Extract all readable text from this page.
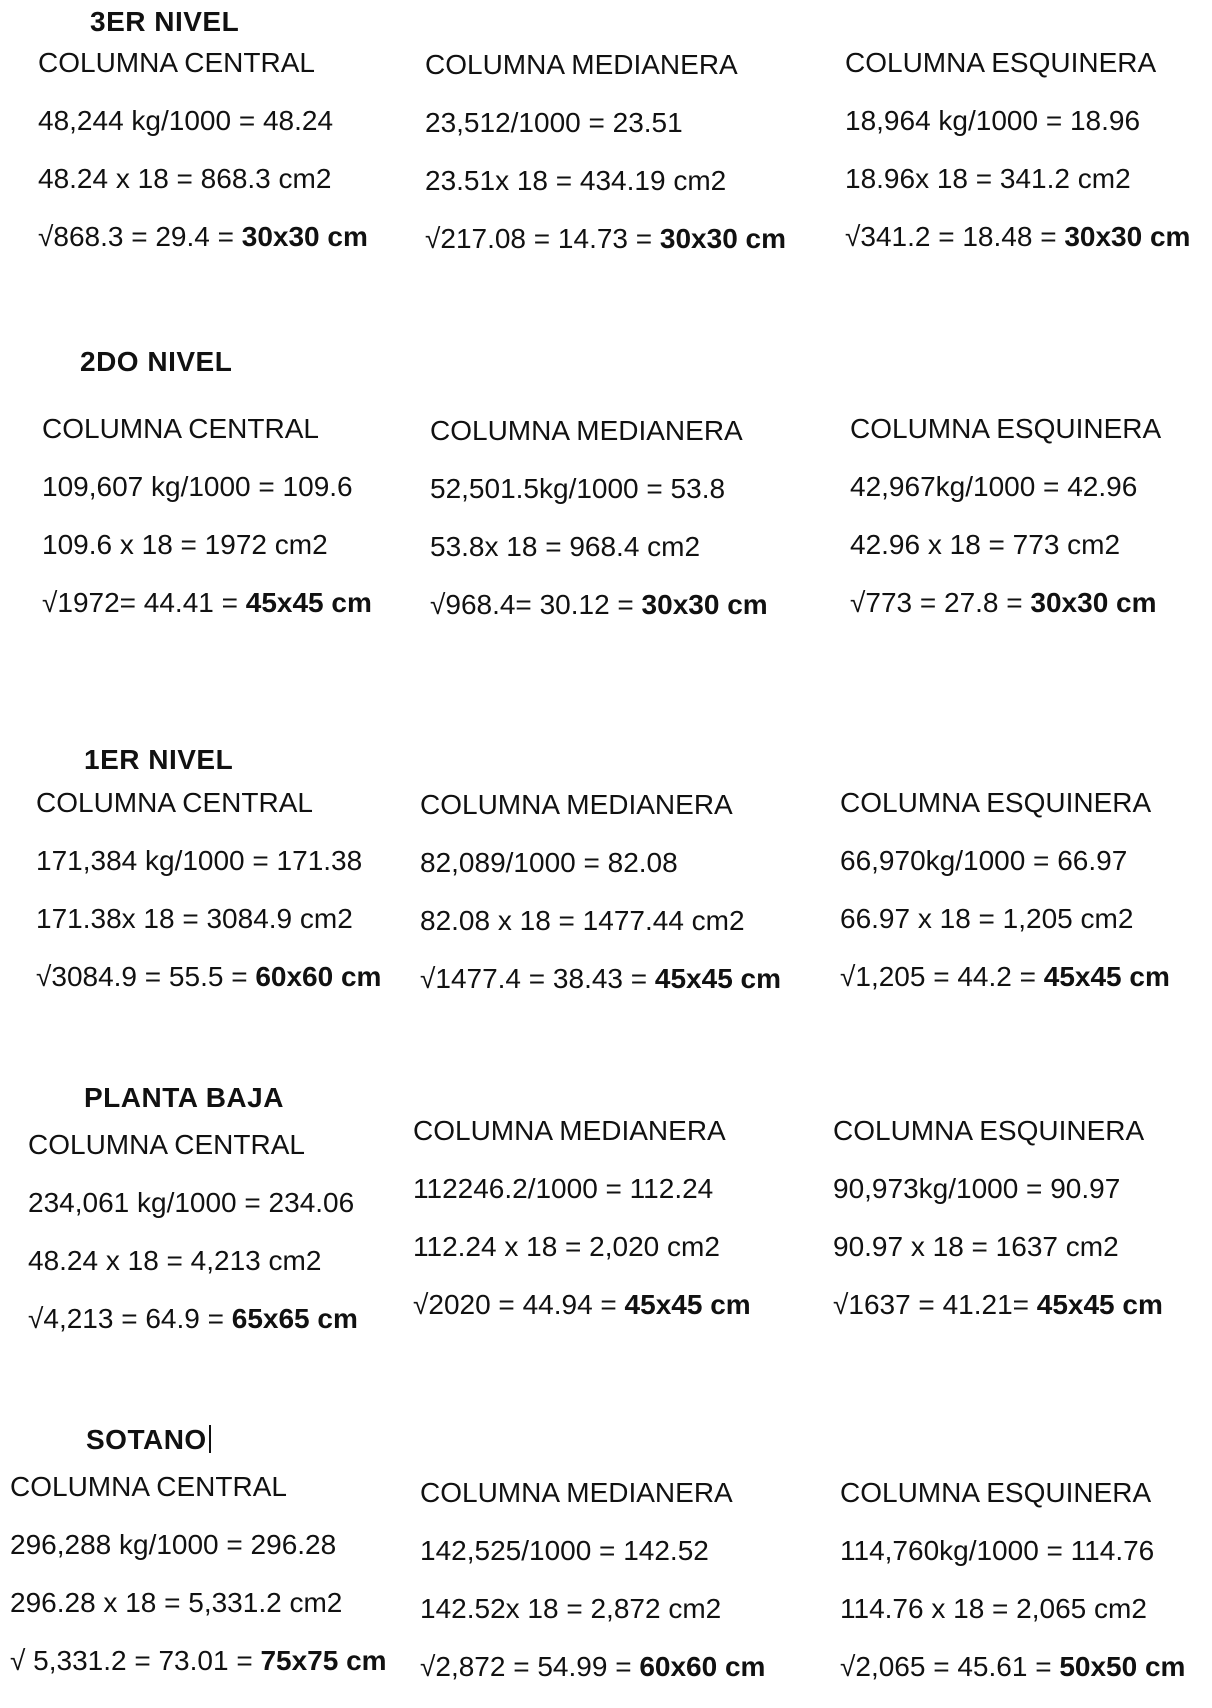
3ER NIVEL
COLUMNA CENTRAL
48,244 kg/1000 = 48.24
48.24 x 18 = 868.3 cm2
√868.3 = 29.4 = 30x30 cm
COLUMNA MEDIANERA
23,512/1000 = 23.51
23.51x 18 = 434.19 cm2
√217.08 = 14.73 = 30x30 cm
COLUMNA ESQUINERA
18,964 kg/1000 = 18.96
18.96x 18 = 341.2 cm2
√341.2 = 18.48 = 30x30 cm
2DO NIVEL
COLUMNA CENTRAL
109,607 kg/1000 = 109.6
109.6 x 18 = 1972 cm2
√1972= 44.41 = 45x45 cm
COLUMNA MEDIANERA
52,501.5kg/1000 = 53.8
53.8x 18 = 968.4 cm2
√968.4= 30.12 = 30x30 cm
COLUMNA ESQUINERA
42,967kg/1000 = 42.96
42.96 x 18 = 773 cm2
√773 = 27.8 = 30x30 cm
1ER NIVEL
COLUMNA CENTRAL
171,384 kg/1000 = 171.38
171.38x 18 = 3084.9 cm2
√3084.9 = 55.5 = 60x60 cm
COLUMNA MEDIANERA
82,089/1000 = 82.08
82.08 x 18 = 1477.44 cm2
√1477.4 = 38.43 = 45x45 cm
COLUMNA ESQUINERA
66,970kg/1000 = 66.97
66.97 x 18 = 1,205 cm2
√1,205 = 44.2 = 45x45 cm
PLANTA BAJA
COLUMNA CENTRAL
234,061 kg/1000 = 234.06
48.24 x 18 = 4,213 cm2
√4,213 = 64.9 = 65x65 cm
COLUMNA MEDIANERA
112246.2/1000 = 112.24
112.24 x 18 = 2,020 cm2
√2020 = 44.94 = 45x45 cm
COLUMNA ESQUINERA
90,973kg/1000 = 90.97
90.97 x 18 = 1637 cm2
√1637 = 41.21= 45x45 cm
SOTANO
COLUMNA CENTRAL
296,288 kg/1000 = 296.28
296.28 x 18 = 5,331.2 cm2
√ 5,331.2 = 73.01 = 75x75 cm
COLUMNA MEDIANERA
142,525/1000 = 142.52
142.52x 18 = 2,872 cm2
√2,872 = 54.99 = 60x60 cm
COLUMNA ESQUINERA
114,760kg/1000 = 114.76
114.76 x 18 = 2,065 cm2
√2,065 = 45.61 = 50x50 cm
